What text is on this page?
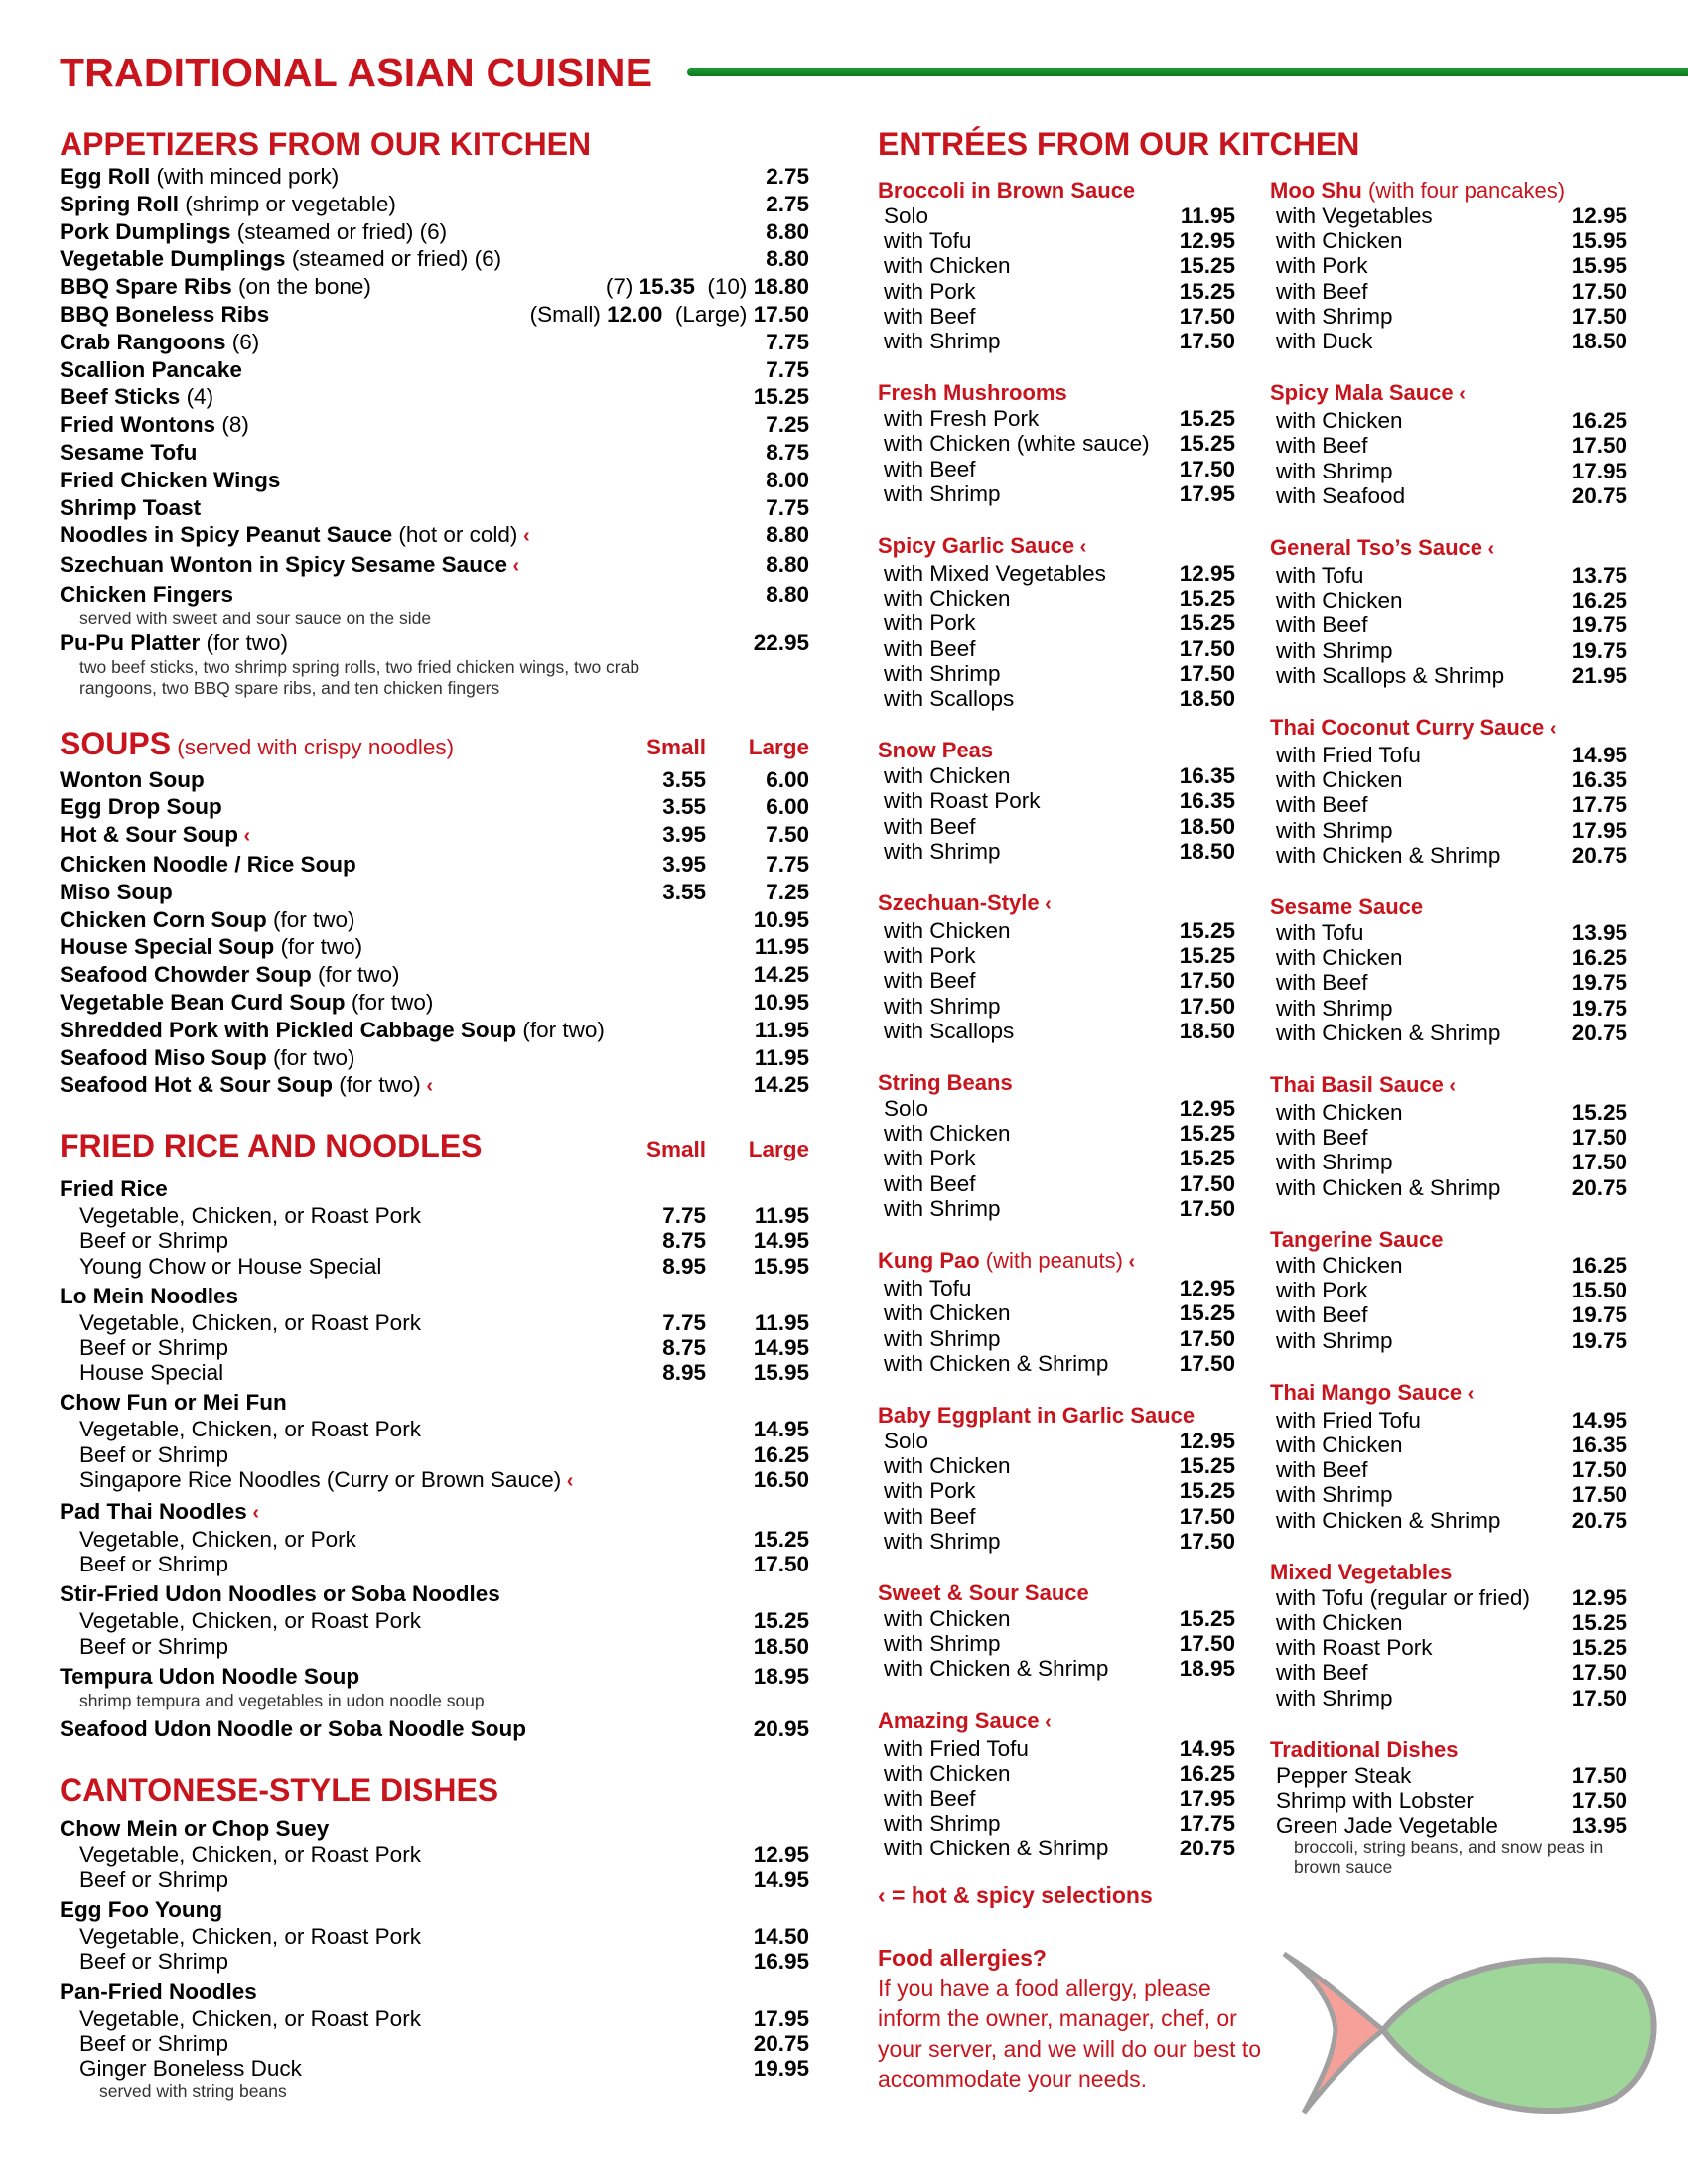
TRADITIONAL ASIAN CUISINE
APPETIZERS FROM OUR KITCHEN
Egg Roll (with minced pork)	2.75
Spring Roll (shrimp or vegetable)	2.75
Pork Dumplings (steamed or fried) (6)	8.80
Vegetable Dumplings (steamed or fried) (6)	8.80
BBQ Spare Ribs (on the bone)	(7) 15.35  (10) 18.80
BBQ Boneless Ribs	(Small) 12.00  (Large) 17.50
Crab Rangoons (6)	7.75
Scallion Pancake	7.75
Beef Sticks (4)	15.25
Fried Wontons (8)	7.25
Sesame Tofu	8.75
Fried Chicken Wings	8.00
Shrimp Toast	7.75
Noodles in Spicy Peanut Sauce (hot or cold) ‹	8.80
Szechuan Wonton in Spicy Sesame Sauce ‹	8.80
Chicken Fingers	8.80
served with sweet and sour sauce on the side
Pu-Pu Platter (for two)	22.95
two beef sticks, two shrimp spring rolls, two fried chicken wings, two crab rangoons, two BBQ spare ribs, and ten chicken fingers
SOUPS (served with crispy noodles)	Small	Large
Wonton Soup	3.55	6.00
Egg Drop Soup	3.55	6.00
Hot & Sour Soup ‹	3.95	7.50
Chicken Noodle / Rice Soup	3.95	7.75
Miso Soup	3.55	7.25
Chicken Corn Soup (for two)	10.95
House Special Soup (for two)	11.95
Seafood Chowder Soup (for two)	14.25
Vegetable Bean Curd Soup (for two)	10.95
Shredded Pork with Pickled Cabbage Soup (for two)	11.95
Seafood Miso Soup (for two)	11.95
Seafood Hot & Sour Soup (for two) ‹	14.25
FRIED RICE AND NOODLES	Small	Large
Fried Rice
Vegetable, Chicken, or Roast Pork	7.75	11.95
Beef or Shrimp	8.75	14.95
Young Chow or House Special	8.95	15.95
Lo Mein Noodles
Vegetable, Chicken, or Roast Pork	7.75	11.95
Beef or Shrimp	8.75	14.95
House Special	8.95	15.95
Chow Fun or Mei Fun
Vegetable, Chicken, or Roast Pork	14.95
Beef or Shrimp	16.25
Singapore Rice Noodles (Curry or Brown Sauce) ‹	16.50
Pad Thai Noodles ‹
Vegetable, Chicken, or Pork	15.25
Beef or Shrimp	17.50
Stir-Fried Udon Noodles or Soba Noodles
Vegetable, Chicken, or Roast Pork	15.25
Beef or Shrimp	18.50
Tempura Udon Noodle Soup	18.95
shrimp tempura and vegetables in udon noodle soup
Seafood Udon Noodle or Soba Noodle Soup	20.95
CANTONESE-STYLE DISHES
Chow Mein or Chop Suey
Vegetable, Chicken, or Roast Pork	12.95
Beef or Shrimp	14.95
Egg Foo Young
Vegetable, Chicken, or Roast Pork	14.50
Beef or Shrimp	16.95
Pan-Fried Noodles
Vegetable, Chicken, or Roast Pork	17.95
Beef or Shrimp	20.75
Ginger Boneless Duck	19.95
served with string beans
ENTRÉES FROM OUR KITCHEN
Broccoli in Brown Sauce
Solo	11.95
with Tofu	12.95
with Chicken	15.25
with Pork	15.25
with Beef	17.50
with Shrimp	17.50
Fresh Mushrooms
with Fresh Pork	15.25
with Chicken (white sauce) 15.25
with Beef	17.50
with Shrimp	17.95
Spicy Garlic Sauce ‹
with Mixed Vegetables	12.95
with Chicken	15.25
with Pork	15.25
with Beef	17.50
with Shrimp	17.50
with Scallops	18.50
Snow Peas
with Chicken	16.35
with Roast Pork	16.35
with Beef	18.50
with Shrimp	18.50
Szechuan-Style ‹
with Chicken	15.25
with Pork	15.25
with Beef	17.50
with Shrimp	17.50
with Scallops	18.50
String Beans
Solo	12.95
with Chicken	15.25
with Pork	15.25
with Beef	17.50
with Shrimp	17.50
Kung Pao (with peanuts) ‹
with Tofu	12.95
with Chicken	15.25
with Shrimp	17.50
with Chicken & Shrimp	17.50
Baby Eggplant in Garlic Sauce
Solo	12.95
with Chicken	15.25
with Pork	15.25
with Beef	17.50
with Shrimp	17.50
Sweet & Sour Sauce
with Chicken	15.25
with Shrimp	17.50
with Chicken & Shrimp	18.95
Amazing Sauce ‹
with Fried Tofu	14.95
with Chicken	16.25
with Beef	17.95
with Shrimp	17.75
with Chicken & Shrimp	20.75
Moo Shu (with four pancakes)
with Vegetables	12.95
with Chicken	15.95
with Pork	15.95
with Beef	17.50
with Shrimp	17.50
with Duck	18.50
Spicy Mala Sauce ‹
with Chicken	16.25
with Beef	17.50
with Shrimp	17.95
with Seafood	20.75
General Tso’s Sauce ‹
with Tofu	13.75
with Chicken	16.25
with Beef	19.75
with Shrimp	19.75
with Scallops & Shrimp	21.95
Thai Coconut Curry Sauce ‹
with Fried Tofu	14.95
with Chicken	16.35
with Beef	17.75
with Shrimp	17.95
with Chicken & Shrimp	20.75
Sesame Sauce
with Tofu	13.95
with Chicken	16.25
with Beef	19.75
with Shrimp	19.75
with Chicken & Shrimp	20.75
Thai Basil Sauce ‹
with Chicken	15.25
with Beef	17.50
with Shrimp	17.50
with Chicken & Shrimp	20.75
Tangerine Sauce
with Chicken	16.25
with Pork	15.50
with Beef	19.75
with Shrimp	19.75
Thai Mango Sauce ‹
with Fried Tofu	14.95
with Chicken	16.35
with Beef	17.50
with Shrimp	17.50
with Chicken & Shrimp	20.75
Mixed Vegetables
with Tofu (regular or fried) 12.95
with Chicken	15.25
with Roast Pork	15.25
with Beef	17.50
with Shrimp	17.50
Traditional Dishes
Pepper Steak	17.50
Shrimp with Lobster	17.50
Green Jade Vegetable	13.95
broccoli, string beans, and snow peas in brown sauce
‹ = hot & spicy selections
Food allergies?
If you have a food allergy, please inform the owner, manager, chef, or your server, and we will do our best to accommodate your needs.
